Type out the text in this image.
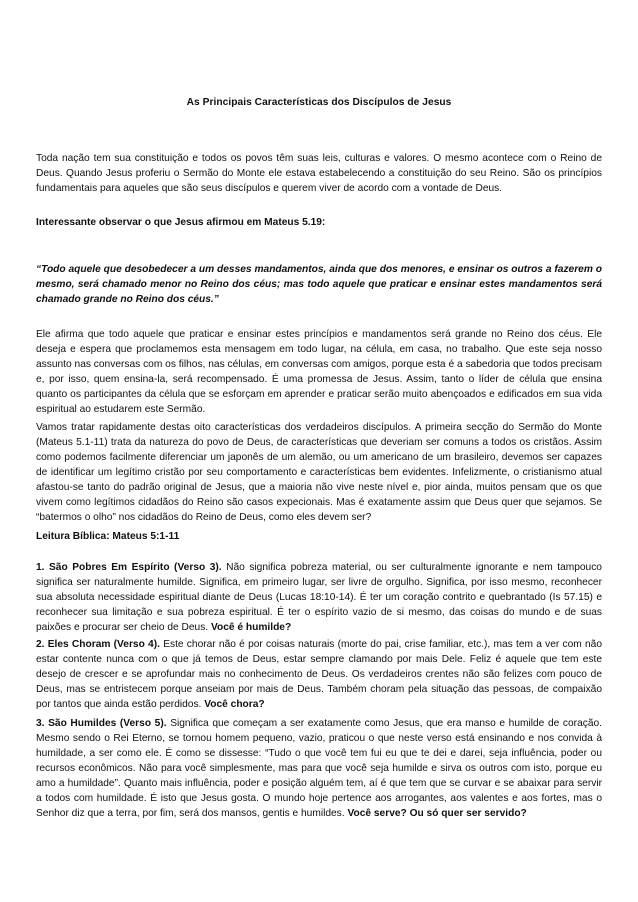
As Principais Características dos Discípulos de Jesus

Toda nação tem sua constituição e todos os povos têm suas leis, culturas e valores. O mesmo acontece com o Reino de Deus. Quando Jesus proferiu o Sermão do Monte ele estava estabelecendo a constituição do seu Reino. São os princípios fundamentais para aqueles que são seus discípulos e querem viver de acordo com a vontade de Deus.

Interessante observar o que Jesus afirmou em Mateus 5.19:

“Todo aquele que desobedecer a um desses mandamentos, ainda que dos menores, e ensinar os outros a fazerem o mesmo, será chamado menor no Reino dos céus; mas todo aquele que praticar e ensinar estes mandamentos será chamado grande no Reino dos céus.”

Ele afirma que todo aquele que praticar e ensinar estes princípios e mandamentos será grande no Reino dos céus. Ele deseja e espera que proclamemos esta mensagem em todo lugar, na célula, em casa, no trabalho. Que este seja nosso assunto nas conversas com os filhos, nas células, em conversas com amigos, porque esta é a sabedoria que todos precisam e, por isso, quem ensina-la, será recompensado. É uma promessa de Jesus. Assim, tanto o líder de célula que ensina quanto os participantes da célula que se esforçam em aprender e praticar serão muito abençoados e edificados em sua vida espiritual ao estudarem este Sermão.

Vamos tratar rapidamente destas oito características dos verdadeiros discípulos. A primeira secção do Sermão do Monte (Mateus 5.1-11) trata da natureza do povo de Deus, de características que deveriam ser comuns a todos os cristãos. Assim como podemos facilmente diferenciar um japonês de um alemão, ou um americano de um brasileiro, devemos ser capazes de identificar um legítimo cristão por seu comportamento e características bem evidentes. Infelizmente, o cristianismo atual afastou-se tanto do padrão original de Jesus, que a maioria não vive neste nível e, pior ainda, muitos pensam que os que vivem como legítimos cidadãos do Reino são casos expecionais. Mas é exatamente assim que Deus quer que sejamos. Se “batermos o olho” nos cidadãos do Reino de Deus, como eles devem ser?

Leitura Bíblica: Mateus 5:1-11

1. São Pobres Em Espírito (Verso 3). Não significa pobreza material, ou ser culturalmente ignorante e nem tampouco significa ser naturalmente humilde. Significa, em primeiro lugar, ser livre de orgulho. Significa, por isso mesmo, reconhecer sua absoluta necessidade espiritual diante de Deus (Lucas 18:10-14). É ter um coração contrito e quebrantado (Is 57.15) e reconhecer sua limitação e sua pobreza espiritual. É ter o espírito vazio de si mesmo, das coisas do mundo e de suas paixões e procurar ser cheio de Deus. Você é humilde?

2. Eles Choram (Verso 4). Este chorar não é por coisas naturais (morte do pai, crise familiar, etc.), mas tem a ver com não estar contente nunca com o que já temos de Deus, estar sempre clamando por mais Dele. Feliz é aquele que tem este desejo de crescer e se aprofundar mais no conhecimento de Deus. Os verdadeiros crentes não são felizes com pouco de Deus, mas se entristecem porque anseiam por mais de Deus. Também choram pela situação das pessoas, de compaixão por tantos que ainda estão perdidos. Você chora?

3. São Humildes (Verso 5). Significa que começam a ser exatamente como Jesus, que era manso e humilde de coração. Mesmo sendo o Rei Eterno, se tornou homem pequeno, vazio, praticou o que neste verso está ensinando e nos convida à humildade, a ser como ele. É como se dissesse: “Tudo o que você tem fui eu que te dei e darei, seja influência, poder ou recursos econômicos. Não para você simplesmente, mas para que você seja humilde e sirva os outros com isto, porque eu amo a humildade”. Quanto mais influência, poder e posição alguém tem, aí é que tem que se curvar e se abaixar para servir a todos com humildade. É isto que Jesus gosta. O mundo hoje pertence aos arrogantes, aos valentes e aos fortes, mas o Senhor diz que a terra, por fim, será dos mansos, gentis e humildes. Você serve? Ou só quer ser servido?
